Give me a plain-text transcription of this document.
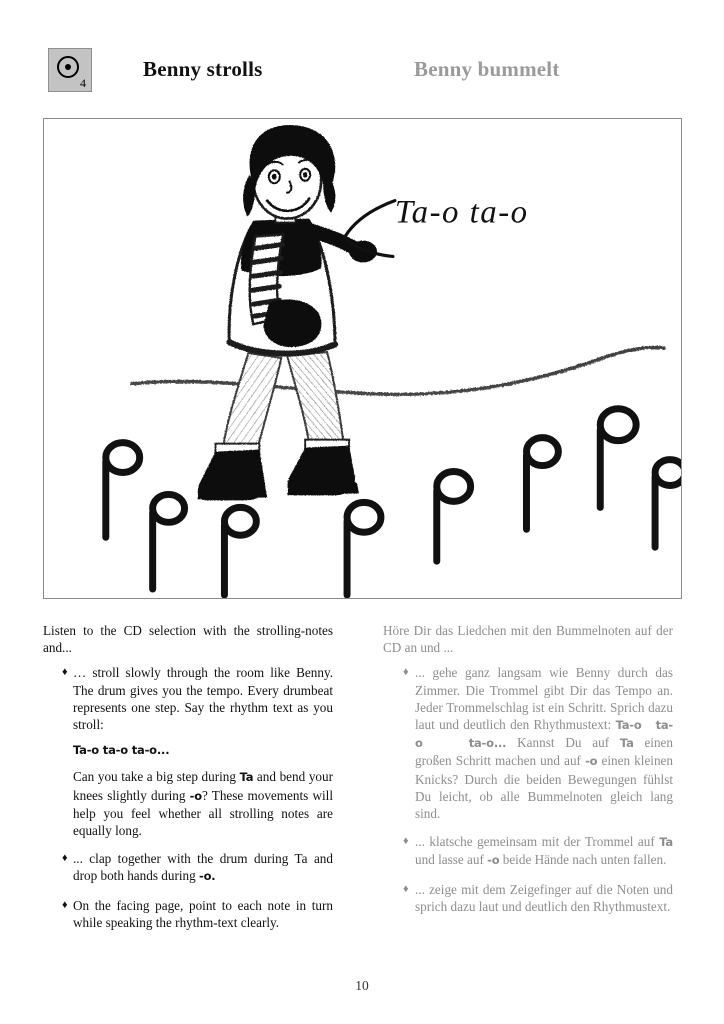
4
Benny strolls	Benny bummelt
Ta-o ta-o

Listen to the CD selection with the strolling-notes and...

♦ … stroll slowly through the room like Benny. The drum gives you the tempo. Every drumbeat represents one step. Say the rhythm text as you stroll:
Ta-o ta-o ta-o...
Can you take a big step during Ta and bend your knees slightly during -o? These movements will help you feel whether all strolling notes are equally long.
♦ ... clap together with the drum during Ta and drop both hands during -o.
♦ On the facing page, point to each note in turn while speaking the rhythm-text clearly.

Höre Dir das Liedchen mit den Bummelnoten auf der CD an und ...

♦ ... gehe ganz langsam wie Benny durch das Zimmer. Die Trommel gibt Dir das Tempo an. Jeder Trommelschlag ist ein Schritt. Sprich dazu laut und deutlich den Rhythmustext: Ta-o ta-o	ta-o... Kannst Du auf Ta einen großen Schritt machen und auf -o einen kleinen Knicks? Durch die beiden Bewegungen fühlst Du leicht, ob alle Bummelnoten gleich lang sind.
♦ ... klatsche gemeinsam mit der Trommel auf Ta und lasse auf -o beide Hände nach unten fallen.
♦ ... zeige mit dem Zeigefinger auf die Noten und sprich dazu laut und deutlich den Rhythmustext.
10
